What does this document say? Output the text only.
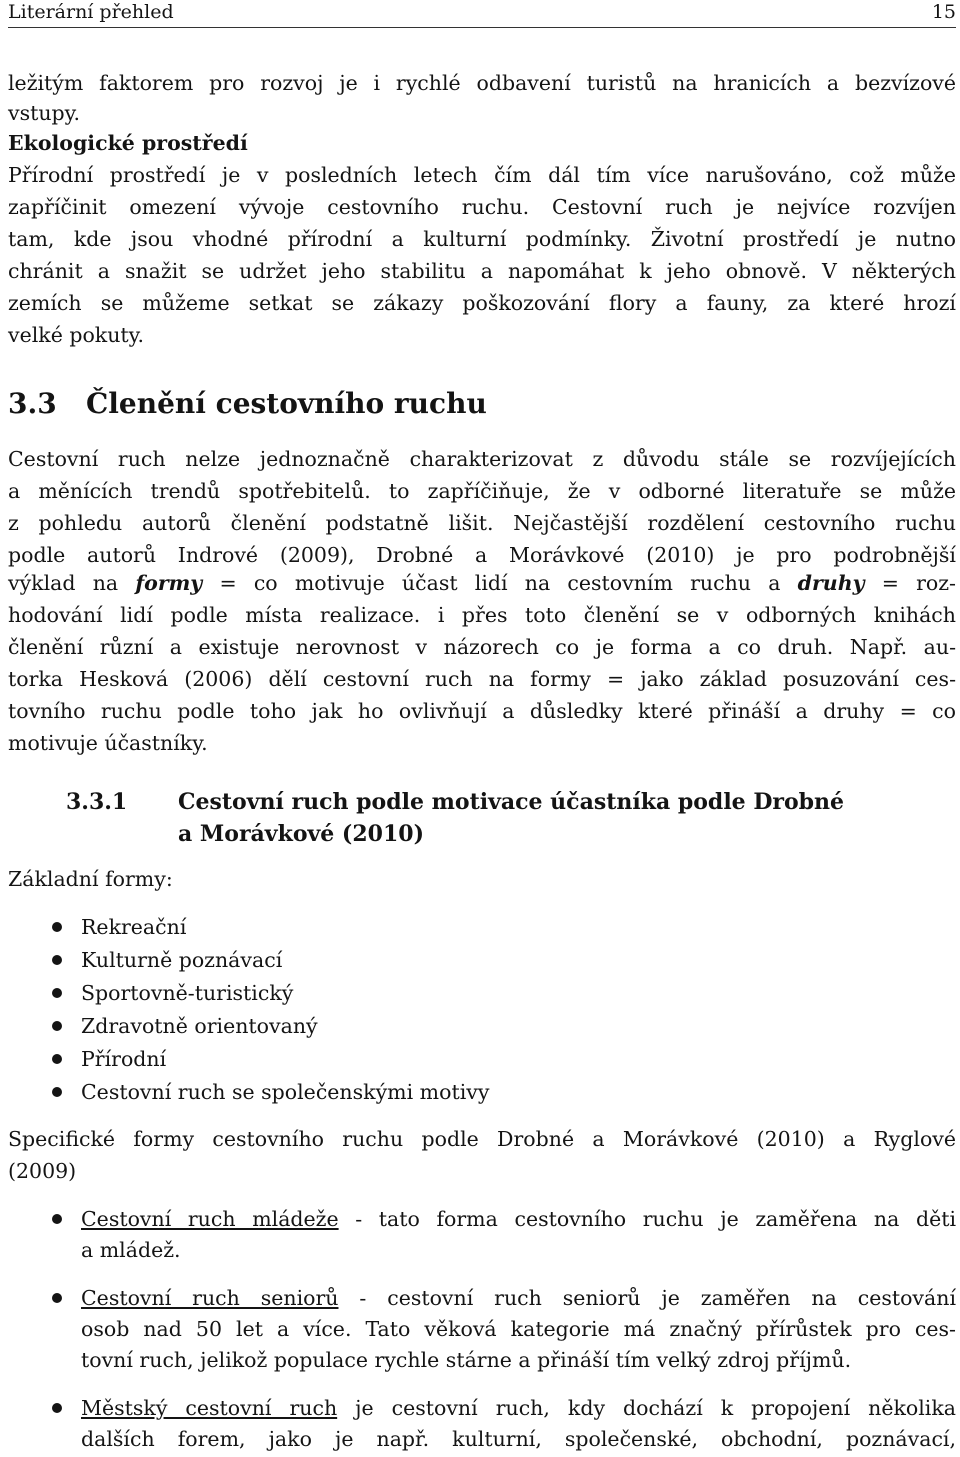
Literární přehled	15
ležitým faktorem pro rozvoj je i rychlé odbavení turistů na hranicích a bezvízové
vstupy.
Ekologické prostředí
Přírodní prostředí je v posledních letech čím dál tím více narušováno, což může
zapříčinit omezení vývoje cestovního ruchu. Cestovní ruch je nejvíce rozvíjen
tam, kde jsou vhodné přírodní a kulturní podmínky. Životní prostředí je nutno
chránit a snažit se udržet jeho stabilitu a napomáhat k jeho obnově. V některých
zemích se můžeme setkat se zákazy poškozování flory a fauny, za které hrozí
velké pokuty.
3.3 Členění cestovního ruchu
Cestovní ruch nelze jednoznačně charakterizovat z důvodu stále se rozvíjejících
a měnících trendů spotřebitelů. to zapříčiňuje, že v odborné literatuře se může
z pohledu autorů členění podstatně lišit. Nejčastější rozdělení cestovního ruchu
podle autorů Indrové (2009), Drobné a Morávkové (2010) je pro podrobnější
výklad na formy = co motivuje účast lidí na cestovním ruchu a druhy = roz-
hodování lidí podle místa realizace. i přes toto členění se v odborných knihách
členění různí a existuje nerovnost v názorech co je forma a co druh. Např. au-
torka Hesková (2006) dělí cestovní ruch na formy = jako základ posuzování ces-
tovního ruchu podle toho jak ho ovlivňují a důsledky které přináší a druhy = co
motivuje účastníky.
3.3.1 Cestovní ruch podle motivace účastníka podle Drobné
a Morávkové (2010)
Základní formy:
Rekreační
Kulturně poznávací
Sportovně-turistický
Zdravotně orientovaný
Přírodní
Cestovní ruch se společenskými motivy
Specifické formy cestovního ruchu podle Drobné a Morávkové (2010) a Ryglové
(2009)
Cestovní ruch mládeže - tato forma cestovního ruchu je zaměřena na děti
a mládež.
Cestovní ruch seniorů - cestovní ruch seniorů je zaměřen na cestování
osob nad 50 let a více. Tato věková kategorie má značný přírůstek pro ces-
tovní ruch, jelikož populace rychle stárne a přináší tím velký zdroj příjmů.
Městský cestovní ruch je cestovní ruch, kdy dochází k propojení několika
dalších forem, jako je např. kulturní, společenské, obchodní, poznávací,
